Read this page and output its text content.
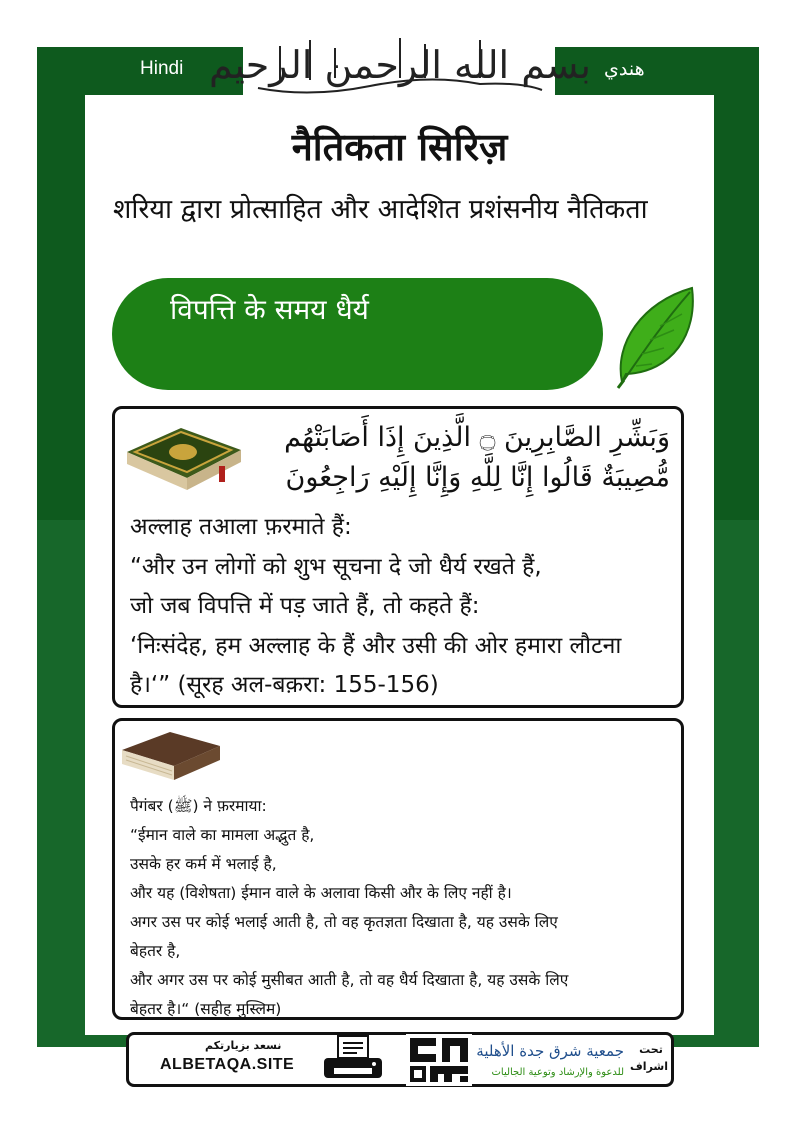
Hindi	هندي
بسم الله الرحمن الرحيم
नैतिकता सिरिज़
शरिया द्वारा प्रोत्साहित और आदेशित प्रशंसनीय नैतिकता
विपत्ति के समय धैर्य
وَبَشِّرِ الصَّابِرِينَ ۝ الَّذِينَ إِذَا أَصَابَتْهُم
مُّصِيبَةٌ قَالُوا إِنَّا لِلَّهِ وَإِنَّا إِلَيْهِ رَاجِعُونَ
अल्लाह तआला फ़रमाते हैं:
“और उन लोगों को शुभ सूचना दे जो धैर्य रखते हैं,
जो जब विपत्ति में पड़ जाते हैं, तो कहते हैं:
‘निःसंदेह, हम अल्लाह के हैं और उसी की ओर हमारा लौटना
है।‘” (सूरह अल-बक़रा: 155-156)
पैगंबर (ﷺ) ने फ़रमाया:
“ईमान वाले का मामला अद्भुत है,
उसके हर कर्म में भलाई है,
और यह (विशेषता) ईमान वाले के अलावा किसी और के लिए नहीं है।
अगर उस पर कोई भलाई आती है, तो वह कृतज्ञता दिखाता है, यह उसके लिए
बेहतर है,
और अगर उस पर कोई मुसीबत आती है, तो वह धैर्य दिखाता है, यह उसके लिए
बेहतर है।“ (सहीह मुस्लिम)
نسعد بزيارتكم
ALBETAQA.SITE
جمعية شرق جدة الأهلية
للدعوة والإرشاد وتوعية الجاليات
تحت
اشراف
